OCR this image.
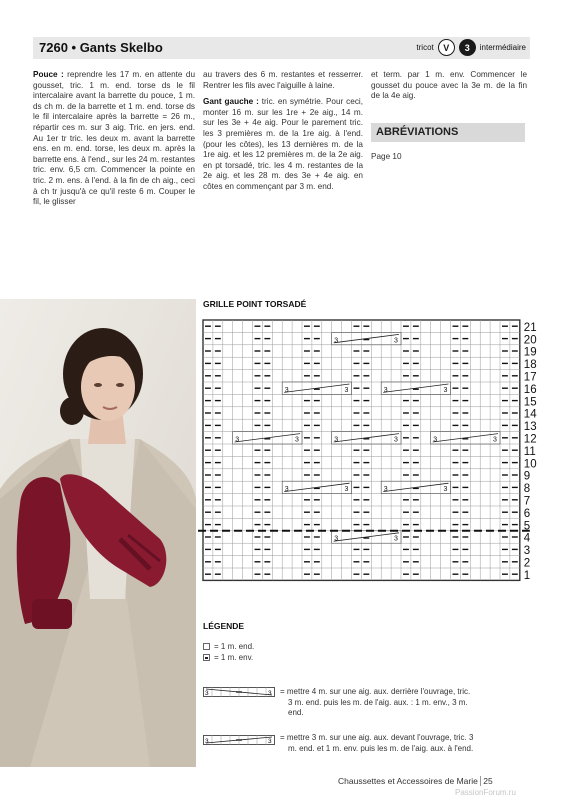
7260 • Gants Skelbo	tricot	V	3	intermédiaire

Pouce : reprendre les 17 m. en attente du gousset, tric. 1 m. end. torse ds le fil intercalaire avant la barrette du pouce, 1 m. ds ch m. de la barrette et 1 m. end. torse ds le fil intercalaire après la barrette = 26 m., répartir ces m. sur 3 aig. Tric. en jers. end. Au 1er tr tric. les deux m. avant la barrette ens. en m. end. torse, les deux m. après la barrette ens. à l'end., sur les 24 m. restantes tric. env. 6,5 cm. Commencer la pointe en tric. 2 m. ens. à l'end. à la fin de ch aig., ceci à ch tr jusqu'à ce qu'il reste 6 m. Couper le fil, le glisser

au travers des 6 m. restantes et resserrer. Rentrer les fils avec l'aiguille à laine.

Gant gauche : tric. en symétrie. Pour ceci, monter 16 m. sur les 1re + 2e aig., 14 m. sur les 3e + 4e aig. Pour le parement tric. les 3 premières m. de la 1re aig. à l'end. (pour les côtes), les 13 dernières m. de la 1re aig. et les 12 premières m. de la 2e aig. en pt torsadé, tric. les 4 m. restantes de la 2e aig. et les 28 m. des 3e + 4e aig. en côtes en commençant par 3 m. end.

et term. par 1 m. env. Commencer le gousset du pouce avec la 3e m. de la fin de la 4e aig.

ABRÉVIATIONS
Page 10
GRILLE POINT TORSADÉ
3	3
3	3
3	3
3	3
3	3
3	3
3	3
3	3
3	3
1
2
3
4
5
6
7
8
9
10
11
12
13
14
15
16
17
18
19
20
21
LÉGENDE
= 1 m. end.
= 1 m. env.
3	3 = mettre 4 m. sur une aig. aux. derrière l'ouvrage, tric.
3 m. end. puis les m. de l'aig. aux. : 1 m. env., 3 m.
end.
3	3 = mettre 3 m. sur une aig. aux. devant l'ouvrage, tric. 3
m. end. et 1 m. env. puis les m. de l'aig. aux. à l'end.
Chaussettes et Accessoires de Marie 25
PassionForum.ru
